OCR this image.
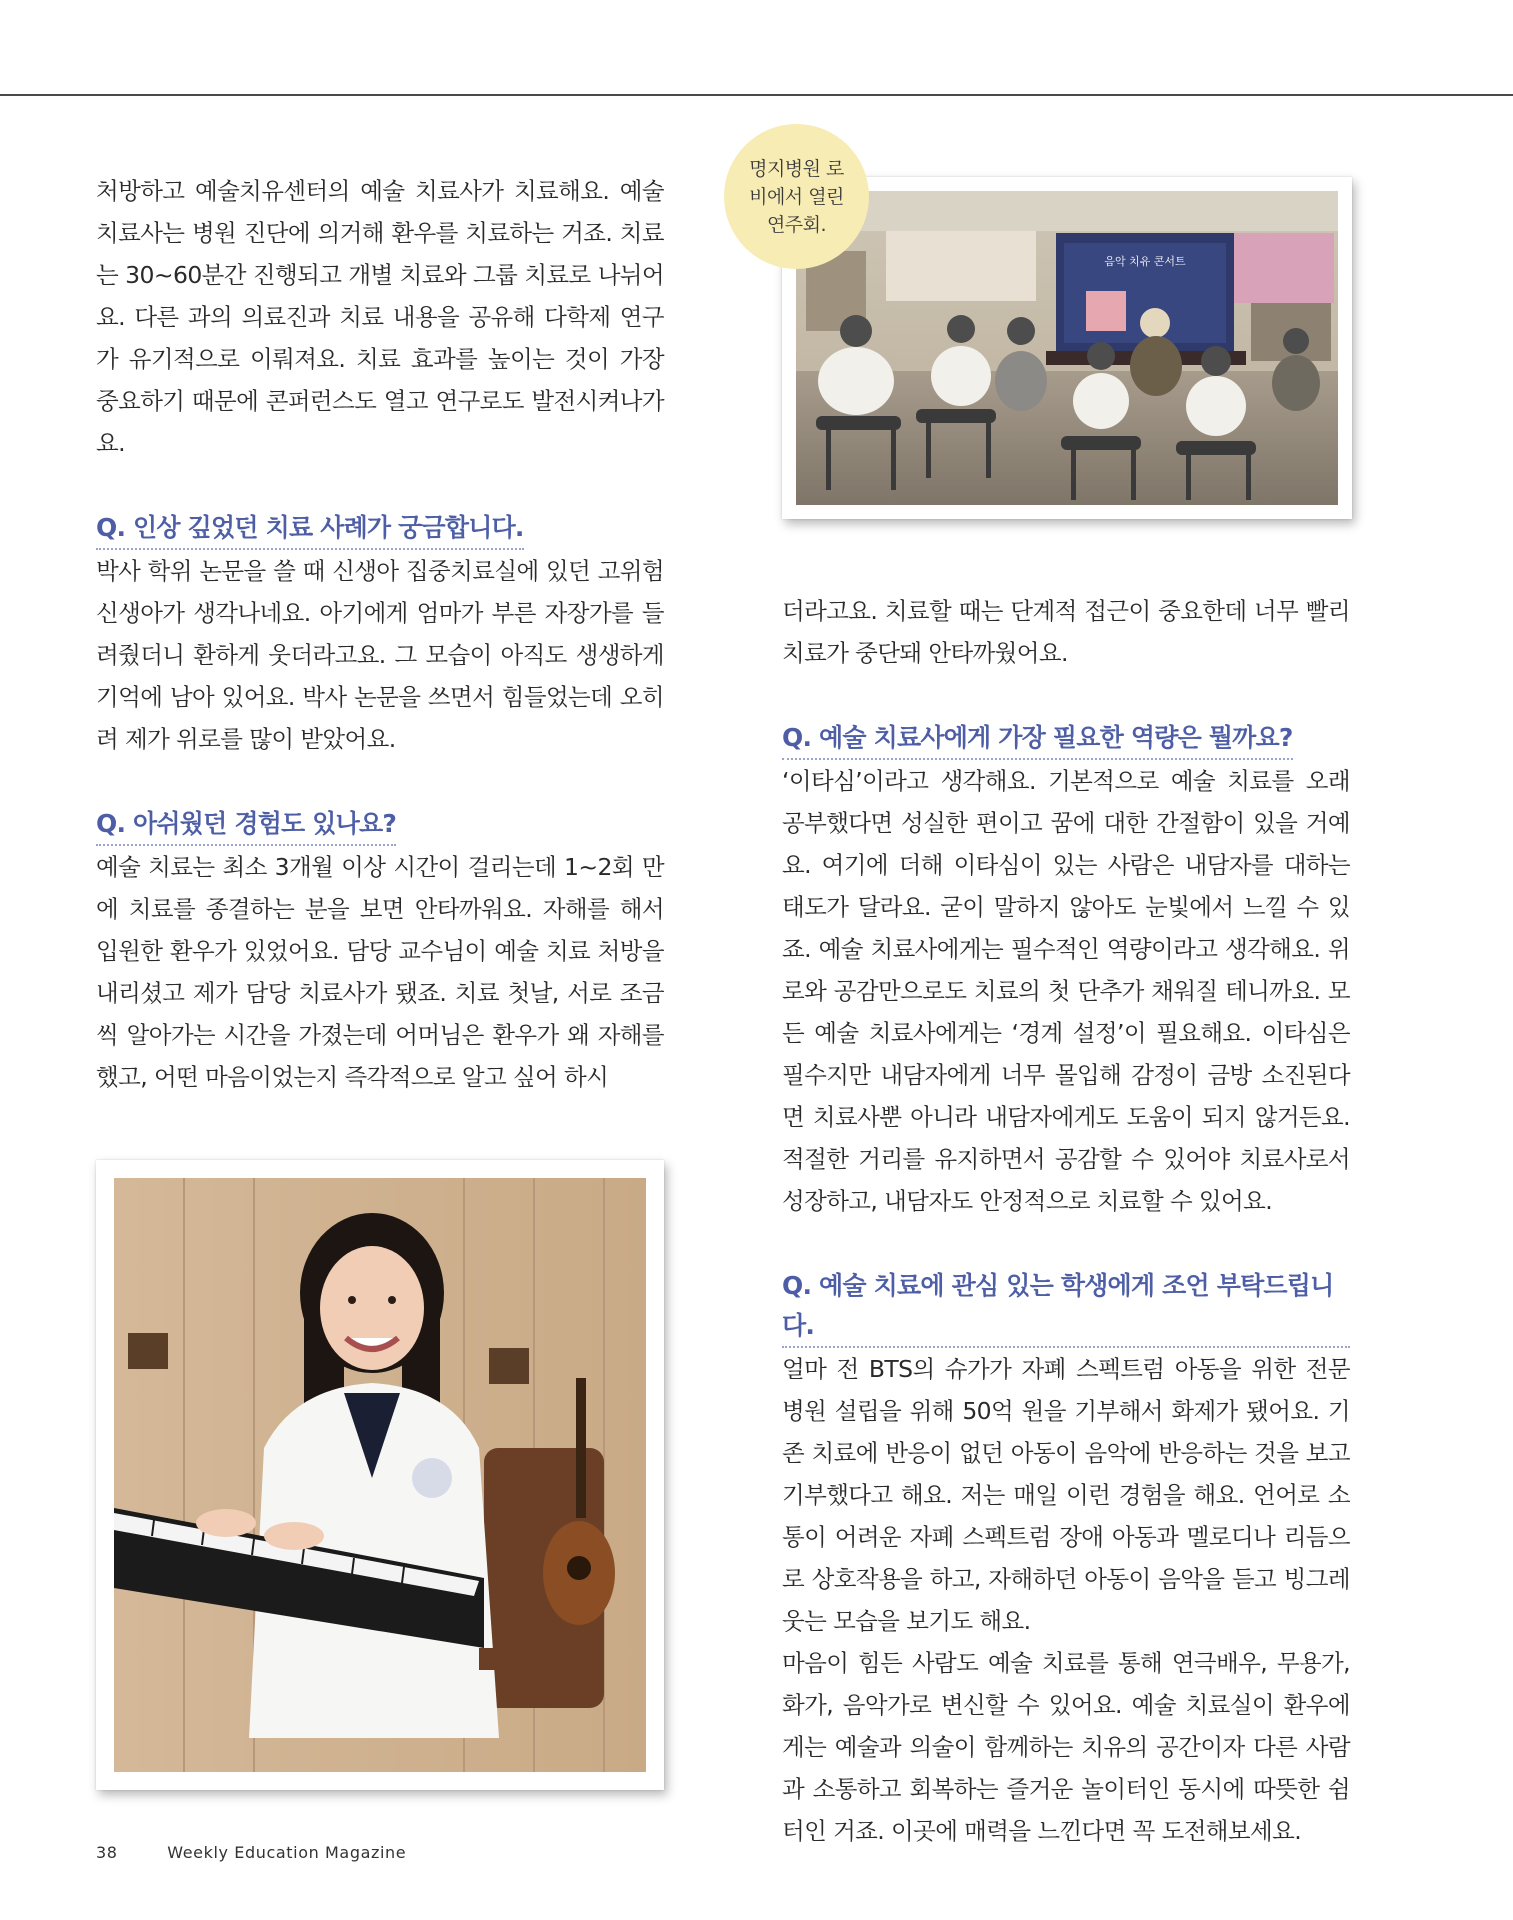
처방하고 예술치유센터의 예술 치료사가 치료해요. 예술 치료사는 병원 진단에 의거해 환우를 치료하는 거죠. 치료는 30~60분간 진행되고 개별 치료와 그룹 치료로 나뉘어요. 다른 과의 의료진과 치료 내용을 공유해 다학제 연구가 유기적으로 이뤄져요. 치료 효과를 높이는 것이 가장 중요하기 때문에 콘퍼런스도 열고 연구로도 발전시켜나가요.

Q. 인상 깊었던 치료 사례가 궁금합니다.

박사 학위 논문을 쓸 때 신생아 집중치료실에 있던 고위험 신생아가 생각나네요. 아기에게 엄마가 부른 자장가를 들려줬더니 환하게 웃더라고요. 그 모습이 아직도 생생하게 기억에 남아 있어요. 박사 논문을 쓰면서 힘들었는데 오히려 제가 위로를 많이 받았어요.

Q. 아쉬웠던 경험도 있나요?

예술 치료는 최소 3개월 이상 시간이 걸리는데 1~2회 만에 치료를 종결하는 분을 보면 안타까워요. 자해를 해서 입원한 환우가 있었어요. 담당 교수님이 예술 치료 처방을 내리셨고 제가 담당 치료사가 됐죠. 치료 첫날, 서로 조금씩 알아가는 시간을 가졌는데 어머님은 환우가 왜 자해를 했고, 어떤 마음이었는지 즉각적으로 알고 싶어 하시

음악 치유 콘서트
명지병원 로비에서 열린 연주회.

더라고요. 치료할 때는 단계적 접근이 중요한데 너무 빨리 치료가 중단돼 안타까웠어요.

Q. 예술 치료사에게 가장 필요한 역량은 뭘까요?

‘이타심’이라고 생각해요. 기본적으로 예술 치료를 오래 공부했다면 성실한 편이고 꿈에 대한 간절함이 있을 거예요. 여기에 더해 이타심이 있는 사람은 내담자를 대하는 태도가 달라요. 굳이 말하지 않아도 눈빛에서 느낄 수 있죠. 예술 치료사에게는 필수적인 역량이라고 생각해요. 위로와 공감만으로도 치료의 첫 단추가 채워질 테니까요. 모든 예술 치료사에게는 ‘경계 설정’이 필요해요. 이타심은 필수지만 내담자에게 너무 몰입해 감정이 금방 소진된다면 치료사뿐 아니라 내담자에게도 도움이 되지 않거든요. 적절한 거리를 유지하면서 공감할 수 있어야 치료사로서 성장하고, 내담자도 안정적으로 치료할 수 있어요.

Q. 예술 치료에 관심 있는 학생에게 조언 부탁드립니다.

얼마 전 BTS의 슈가가 자폐 스펙트럼 아동을 위한 전문 병원 설립을 위해 50억 원을 기부해서 화제가 됐어요. 기존 치료에 반응이 없던 아동이 음악에 반응하는 것을 보고 기부했다고 해요. 저는 매일 이런 경험을 해요. 언어로 소통이 어려운 자폐 스펙트럼 장애 아동과 멜로디나 리듬으로 상호작용을 하고, 자해하던 아동이 음악을 듣고 빙그레 웃는 모습을 보기도 해요.

마음이 힘든 사람도 예술 치료를 통해 연극배우, 무용가, 화가, 음악가로 변신할 수 있어요. 예술 치료실이 환우에게는 예술과 의술이 함께하는 치유의 공간이자 다른 사람과 소통하고 회복하는 즐거운 놀이터인 동시에 따뜻한 쉼터인 거죠. 이곳에 매력을 느낀다면 꼭 도전해보세요.

38	Weekly Education Magazine
